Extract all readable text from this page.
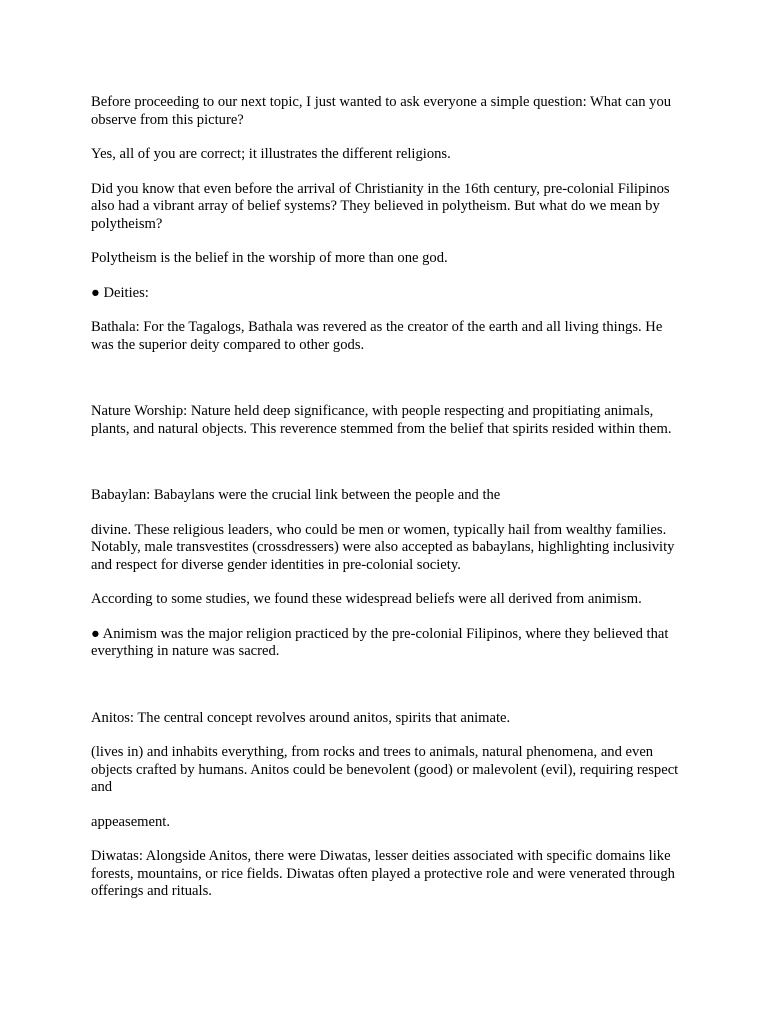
Before proceeding to our next topic, I just wanted to ask everyone a simple question: What can you observe from this picture?

Yes, all of you are correct; it illustrates the different religions.

Did you know that even before the arrival of Christianity in the 16th century, pre-colonial Filipinos also had a vibrant array of belief systems? They believed in polytheism. But what do we mean by polytheism?

Polytheism is the belief in the worship of more than one god.

● Deities:

Bathala: For the Tagalogs, Bathala was revered as the creator of the earth and all living things. He was the superior deity compared to other gods.

Nature Worship: Nature held deep significance, with people respecting and propitiating animals, plants, and natural objects. This reverence stemmed from the belief that spirits resided within them.

Babaylan: Babaylans were the crucial link between the people and the

divine. These religious leaders, who could be men or women, typically hail from wealthy families. Notably, male transvestites (crossdressers) were also accepted as babaylans, highlighting inclusivity and respect for diverse gender identities in pre-colonial society.

According to some studies, we found these widespread beliefs were all derived from animism.

● Animism was the major religion practiced by the pre-colonial Filipinos, where they believed that everything in nature was sacred.

Anitos: The central concept revolves around anitos, spirits that animate.

(lives in) and inhabits everything, from rocks and trees to animals, natural phenomena, and even objects crafted by humans. Anitos could be benevolent (good) or malevolent (evil), requiring respect and

appeasement.

Diwatas: Alongside Anitos, there were Diwatas, lesser deities associated with specific domains like forests, mountains, or rice fields. Diwatas often played a protective role and were venerated through offerings and rituals.
